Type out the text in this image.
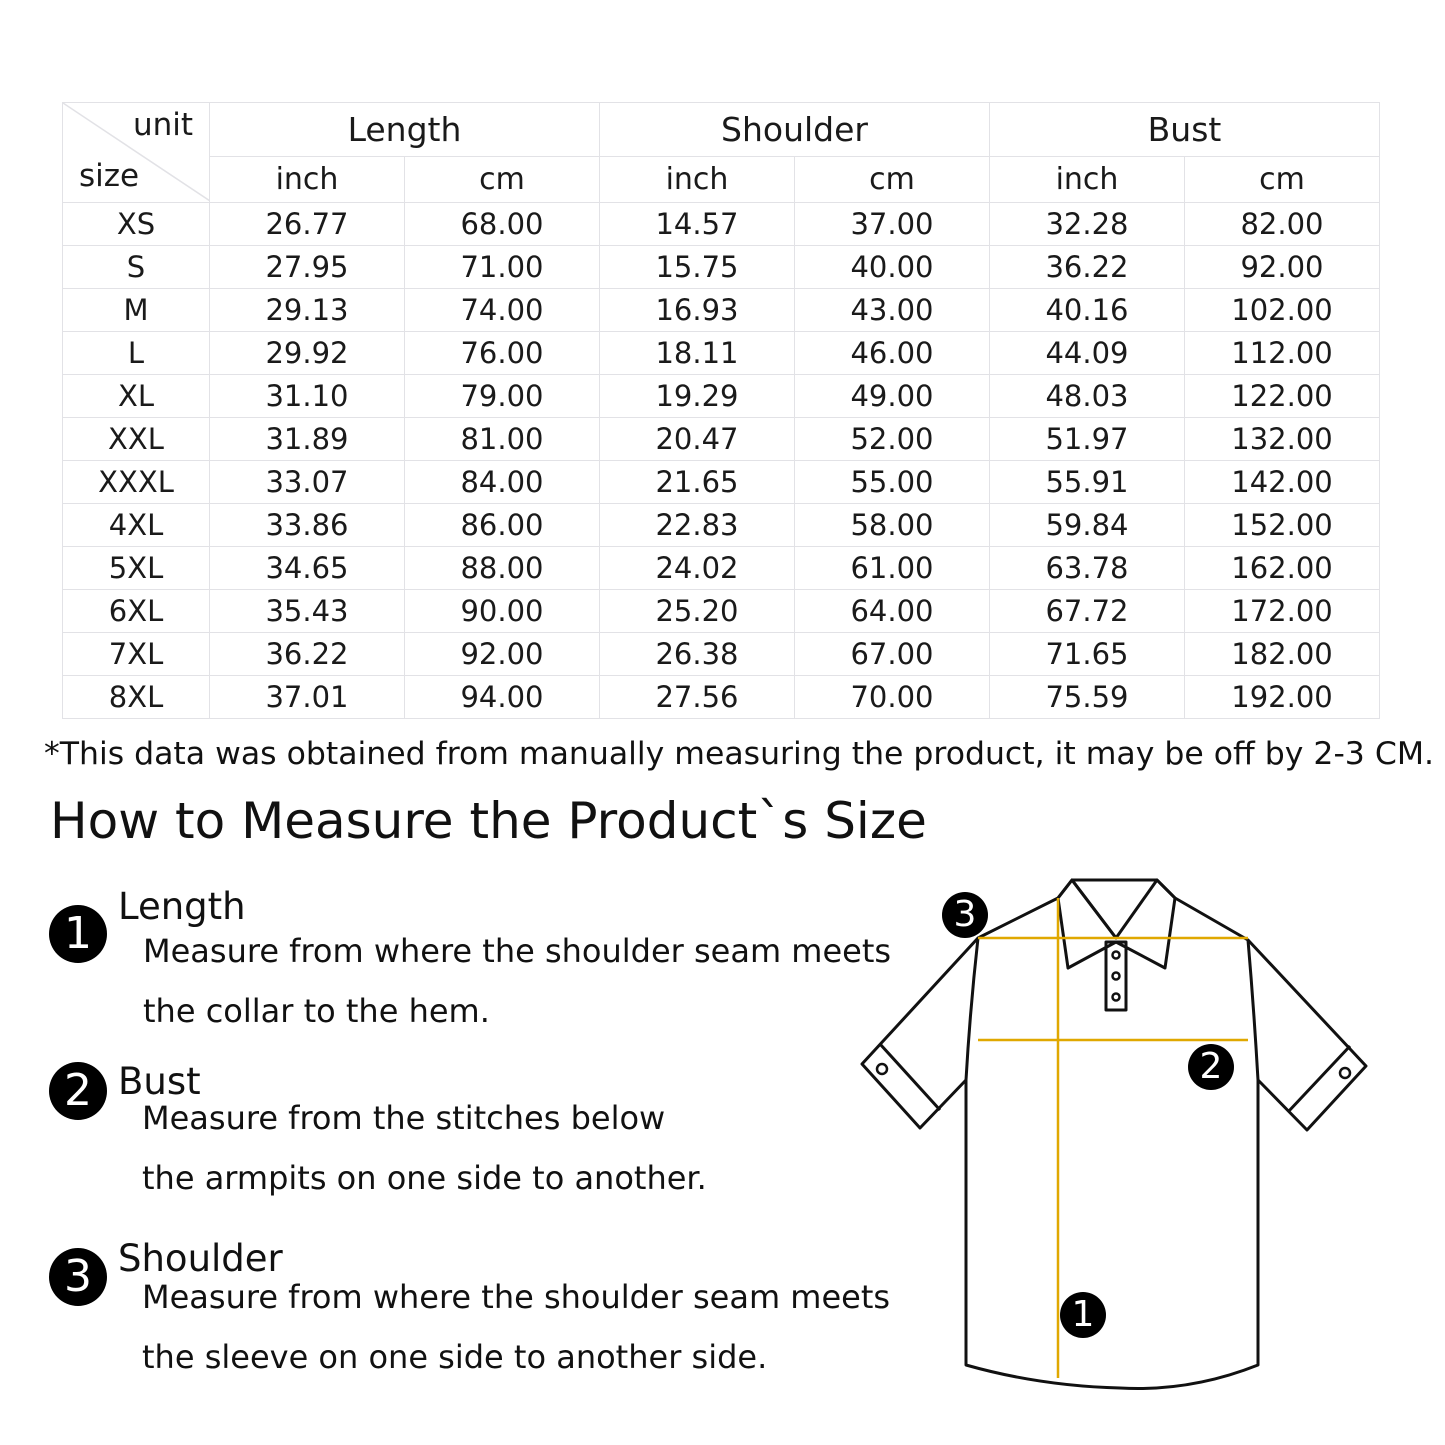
unit
size	Length		Shoulder		Bust	
	inch	cm	inch	cm	inch	cm
XS	26.77	68.00	14.57	37.00	32.28	82.00
S	27.95	71.00	15.75	40.00	36.22	92.00
M	29.13	74.00	16.93	43.00	40.16	102.00
L	29.92	76.00	18.11	46.00	44.09	112.00
XL	31.10	79.00	19.29	49.00	48.03	122.00
XXL	31.89	81.00	20.47	52.00	51.97	132.00
XXXL	33.07	84.00	21.65	55.00	55.91	142.00
4XL	33.86	86.00	22.83	58.00	59.84	152.00
5XL	34.65	88.00	24.02	61.00	63.78	162.00
6XL	35.43	90.00	25.20	64.00	67.72	172.00
7XL	36.22	92.00	26.38	67.00	71.65	182.00
8XL	37.01	94.00	27.56	70.00	75.59	192.00
*This data was obtained from manually measuring the product, it may be off by 2-3 CM.
How to Measure the Product`s Size
1
Length
Measure from where the shoulder seam meets
the collar to the hem.
2 Bust
Measure from the stitches below
the armpits on one side to another.
3 Shoulder
Measure from where the shoulder seam meets
the sleeve on one side to another side.
3
2
1
